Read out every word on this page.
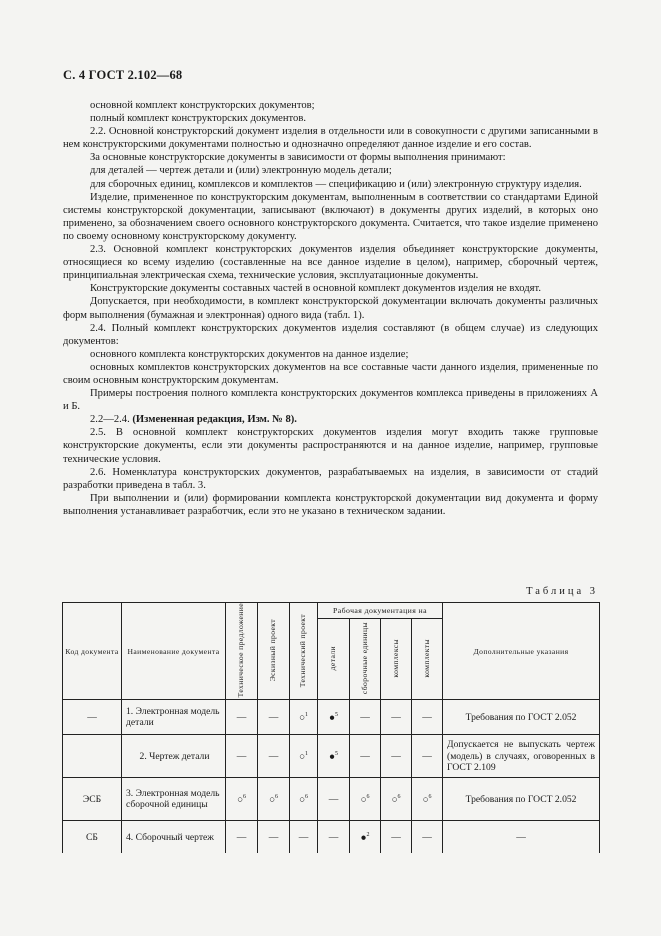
С. 4 ГОСТ 2.102—68

основной комплект конструкторских документов;

полный комплект конструкторских документов.

2.2. Основной конструкторский документ изделия в отдельности или в совокупности с другими записанными в нем конструкторскими документами полностью и однозначно определяют данное изделие и его состав.

За основные конструкторские документы в зависимости от формы выполнения принимают:

для деталей — чертеж детали и (или) электронную модель детали;

для сборочных единиц, комплексов и комплектов — спецификацию и (или) электронную структуру изделия.

Изделие, примененное по конструкторским документам, выполненным в соответствии со стандартами Единой системы конструкторской документации, записывают (включают) в документы других изделий, в которых оно применено, за обозначением своего основного конструкторского документа. Считается, что такое изделие применено по своему основному конструкторскому документу.

2.3. Основной комплект конструкторских документов изделия объединяет конструкторские документы, относящиеся ко всему изделию (составленные на все данное изделие в целом), например, сборочный чертеж, принципиальная электрическая схема, технические условия, эксплуатационные документы.

Конструкторские документы составных частей в основной комплект документов изделия не входят.

Допускается, при необходимости, в комплект конструкторской документации включать документы различных форм выполнения (бумажная и электронная) одного вида (табл. 1).

2.4. Полный комплект конструкторских документов изделия составляют (в общем случае) из следующих документов:

основного комплекта конструкторских документов на данное изделие;

основных комплектов конструкторских документов на все составные части данного изделия, примененные по своим основным конструкторским документам.

Примеры построения полного комплекта конструкторских документов комплекса приведены в приложениях А и Б.

2.2—2.4. (Измененная редакция, Изм. № 8).

2.5. В основной комплект конструкторских документов изделия могут входить также групповые конструкторские документы, если эти документы распространяются и на данное изделие, например, групповые технические условия.

2.6. Номенклатура конструкторских документов, разрабатываемых на изделия, в зависимости от стадий разработки приведена в табл. 3.

При выполнении и (или) формировании комплекта конструкторской документации вид документа и форму выполнения устанавливает разработчик, если это не указано в техническом задании.

Таблица 3
Код документа	Наименование документа	Техническое предложение	Эскизный проект	Технический проект	Рабочая документация на				Дополнительные указания
					детали	сборочные единицы	комплексы	комплекты	
—	1. Электронная модель детали	—	—	○$^1$	●$^5$	—	—	—	Требования по ГОСТ 2.052
	2. Чертеж детали	—	—	○$^1$	●$^5$	—	—	—	Допускается не выпускать чертеж (модель) в случаях, оговоренных в ГОСТ 2.109
ЭСБ	3. Электронная модель сборочной единицы	○$^6$	○$^6$	○$^6$	—	○$^6$	○$^6$	○$^6$	Требования по ГОСТ 2.052
СБ	4. Сборочный чертеж	—	—	—	—	●$^2$	—	—	—
